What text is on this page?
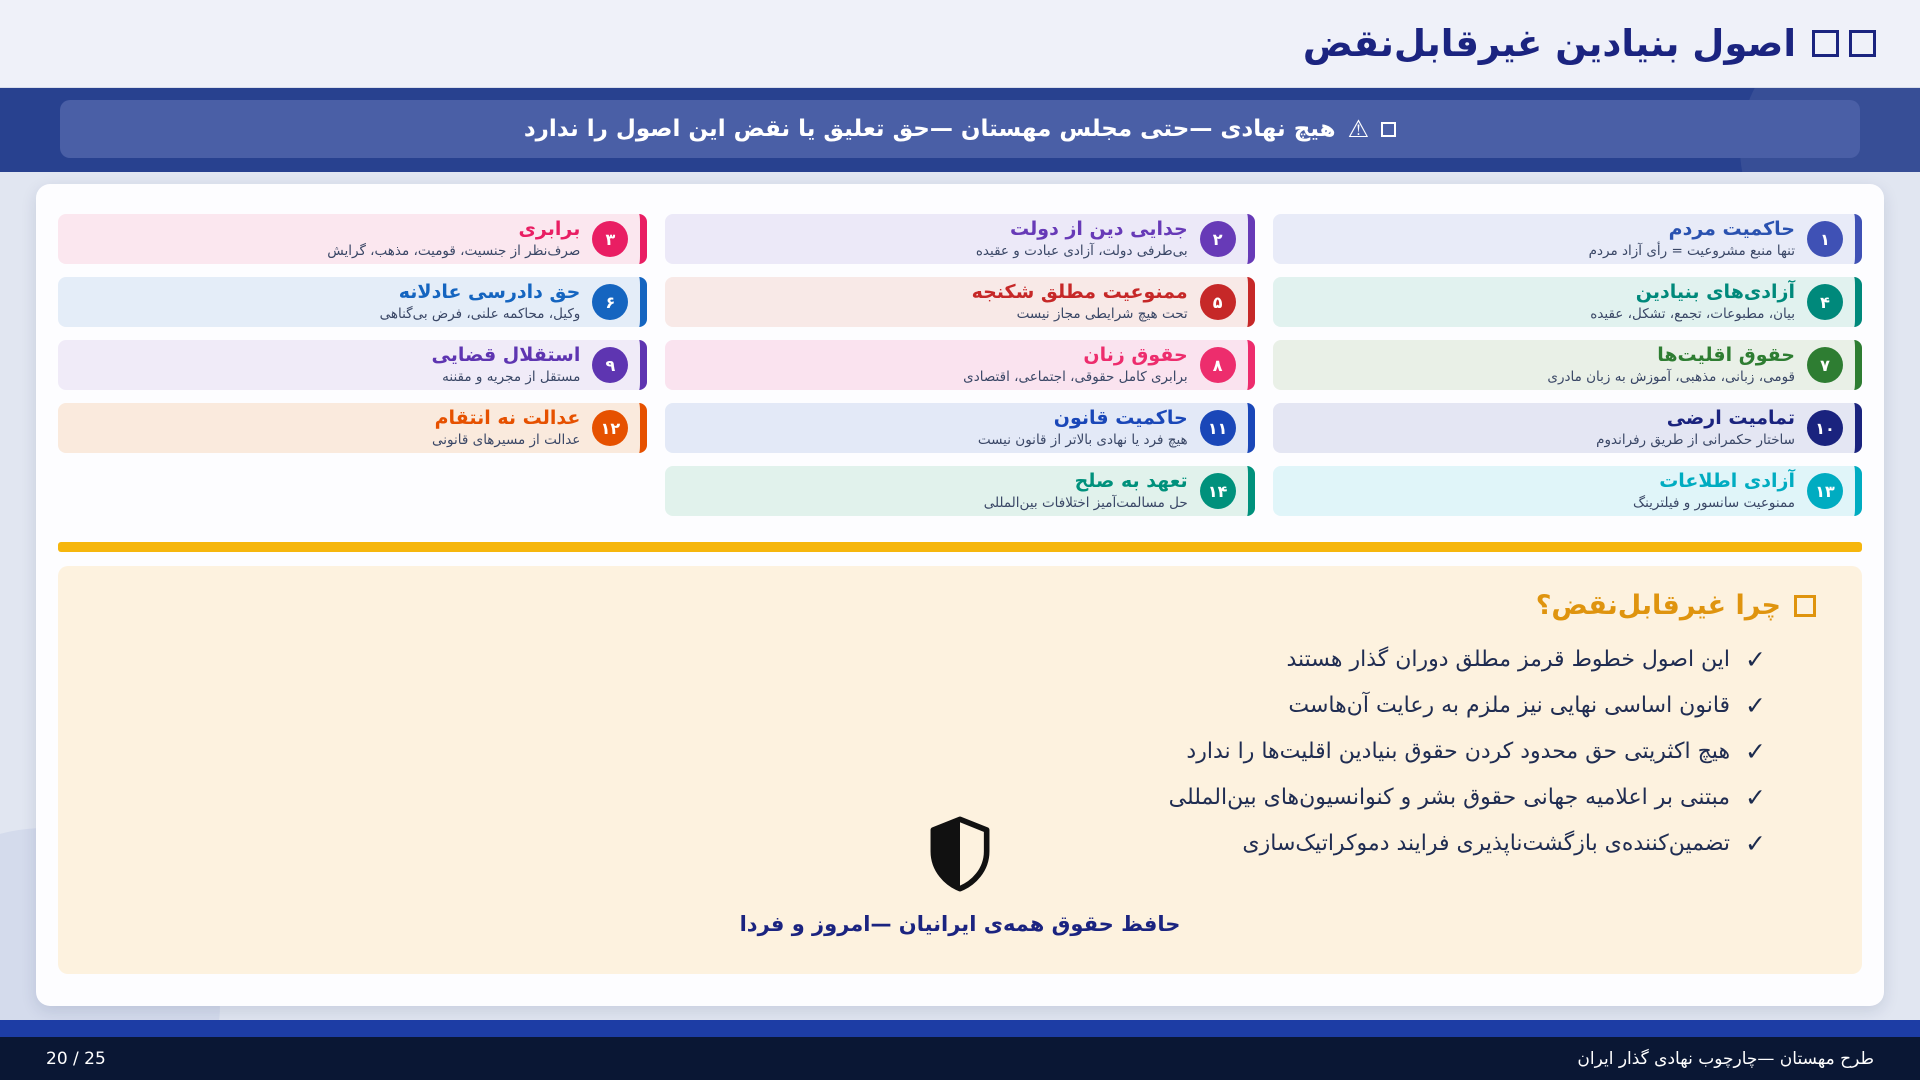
اصول بنیادین غیرقابل‌نقض
⚠
هیچ نهادی —حتی مجلس مهستان —حق تعلیق یا نقض این اصول را ندارد
۱
حاکمیت مردم
تنها منبع مشروعیت = رأی آزاد مردم
۲
جدایی دین از دولت
بی‌طرفی دولت، آزادی عبادت و عقیده
۳
برابری
صرف‌نظر از جنسیت، قومیت، مذهب، گرایش
۴
آزادی‌های بنیادین
بیان، مطبوعات، تجمع، تشکل، عقیده
۵
ممنوعیت مطلق شکنجه
تحت هیچ شرایطی مجاز نیست
۶
حق دادرسی عادلانه
وکیل، محاکمه علنی، فرض بی‌گناهی
۷
حقوق اقلیت‌ها
قومی، زبانی، مذهبی، آموزش به زبان مادری
۸
حقوق زنان
برابری کامل حقوقی، اجتماعی، اقتصادی
۹
استقلال قضایی
مستقل از مجریه و مقننه
۱۰
تمامیت ارضی
ساختار حکمرانی از طریق رفراندوم
۱۱
حاکمیت قانون
هیچ فرد یا نهادی بالاتر از قانون نیست
۱۲
عدالت نه انتقام
عدالت از مسیرهای قانونی
۱۳
آزادی اطلاعات
ممنوعیت سانسور و فیلترینگ
۱۴
تعهد به صلح
حل مسالمت‌آمیز اختلافات بین‌المللی
چرا غیرقابل‌نقض؟
✓
این اصول خطوط قرمز مطلق دوران گذار هستند
✓
قانون اساسی نهایی نیز ملزم به رعایت آن‌هاست
✓
هیچ اکثریتی حق محدود کردن حقوق بنیادین اقلیت‌ها را ندارد
✓
مبتنی بر اعلامیه جهانی حقوق بشر و کنوانسیون‌های بین‌المللی
✓
تضمین‌کننده‌ی بازگشت‌ناپذیری فرایند دموکراتیک‌سازی
حافظ حقوق همه‌ی ایرانیان —امروز و فردا
20 / 25	طرح مهستان —چارچوب نهادی گذار ایران
